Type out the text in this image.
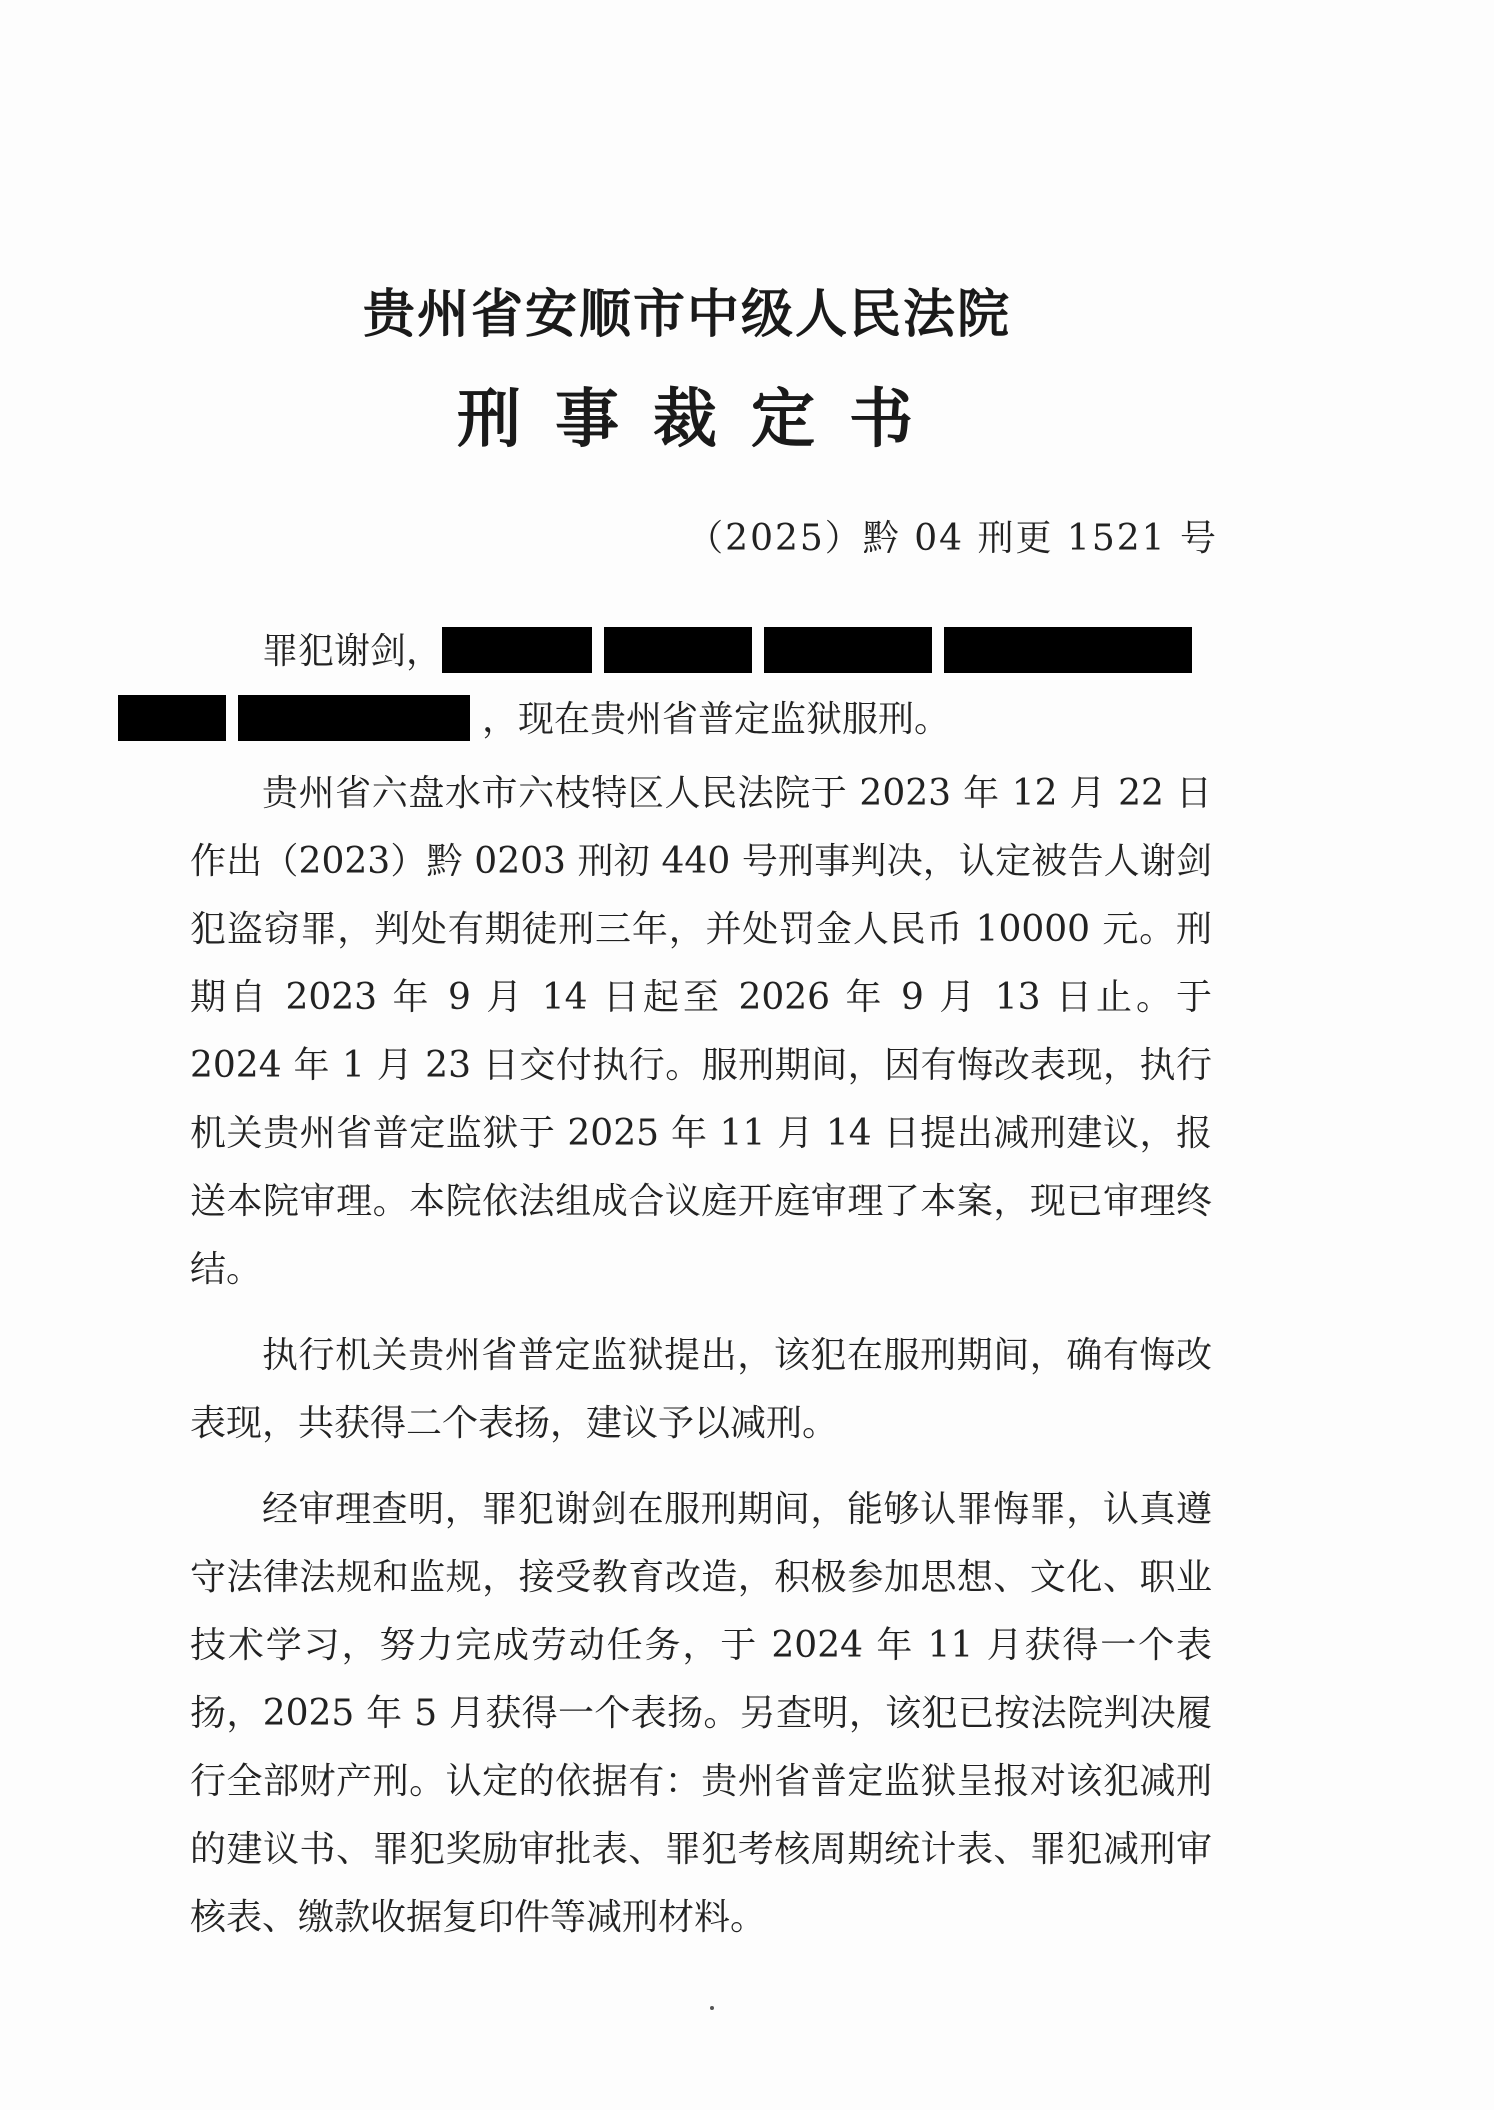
贵州省安顺市中级人民法院
刑事裁定书
（2025）黔 04 刑更 1521 号

罪犯谢剑，
，现在贵州省普定监狱服刑。

贵州省六盘水市六枝特区人民法院于 2023 年 12 月 22 日作出（2023）黔 0203 刑初 440 号刑事判决，认定被告人谢剑犯盗窃罪，判处有期徒刑三年，并处罚金人民币 10000 元。刑期自 2023 年 9 月 14 日起至 2026 年 9 月 13 日止。于 2024 年 1 月 23 日交付执行。服刑期间，因有悔改表现，执行机关贵州省普定监狱于 2025 年 11 月 14 日提出减刑建议，报送本院审理。本院依法组成合议庭开庭审理了本案，现已审理终结。

执行机关贵州省普定监狱提出，该犯在服刑期间，确有悔改表现，共获得二个表扬，建议予以减刑。

经审理查明，罪犯谢剑在服刑期间，能够认罪悔罪，认真遵守法律法规和监规，接受教育改造，积极参加思想、文化、职业技术学习，努力完成劳动任务，于 2024 年 11 月获得一个表扬，2025 年 5 月获得一个表扬。另查明，该犯已按法院判决履行全部财产刑。认定的依据有：贵州省普定监狱呈报对该犯减刑的建议书、罪犯奖励审批表、罪犯考核周期统计表、罪犯减刑审核表、缴款收据复印件等减刑材料。
